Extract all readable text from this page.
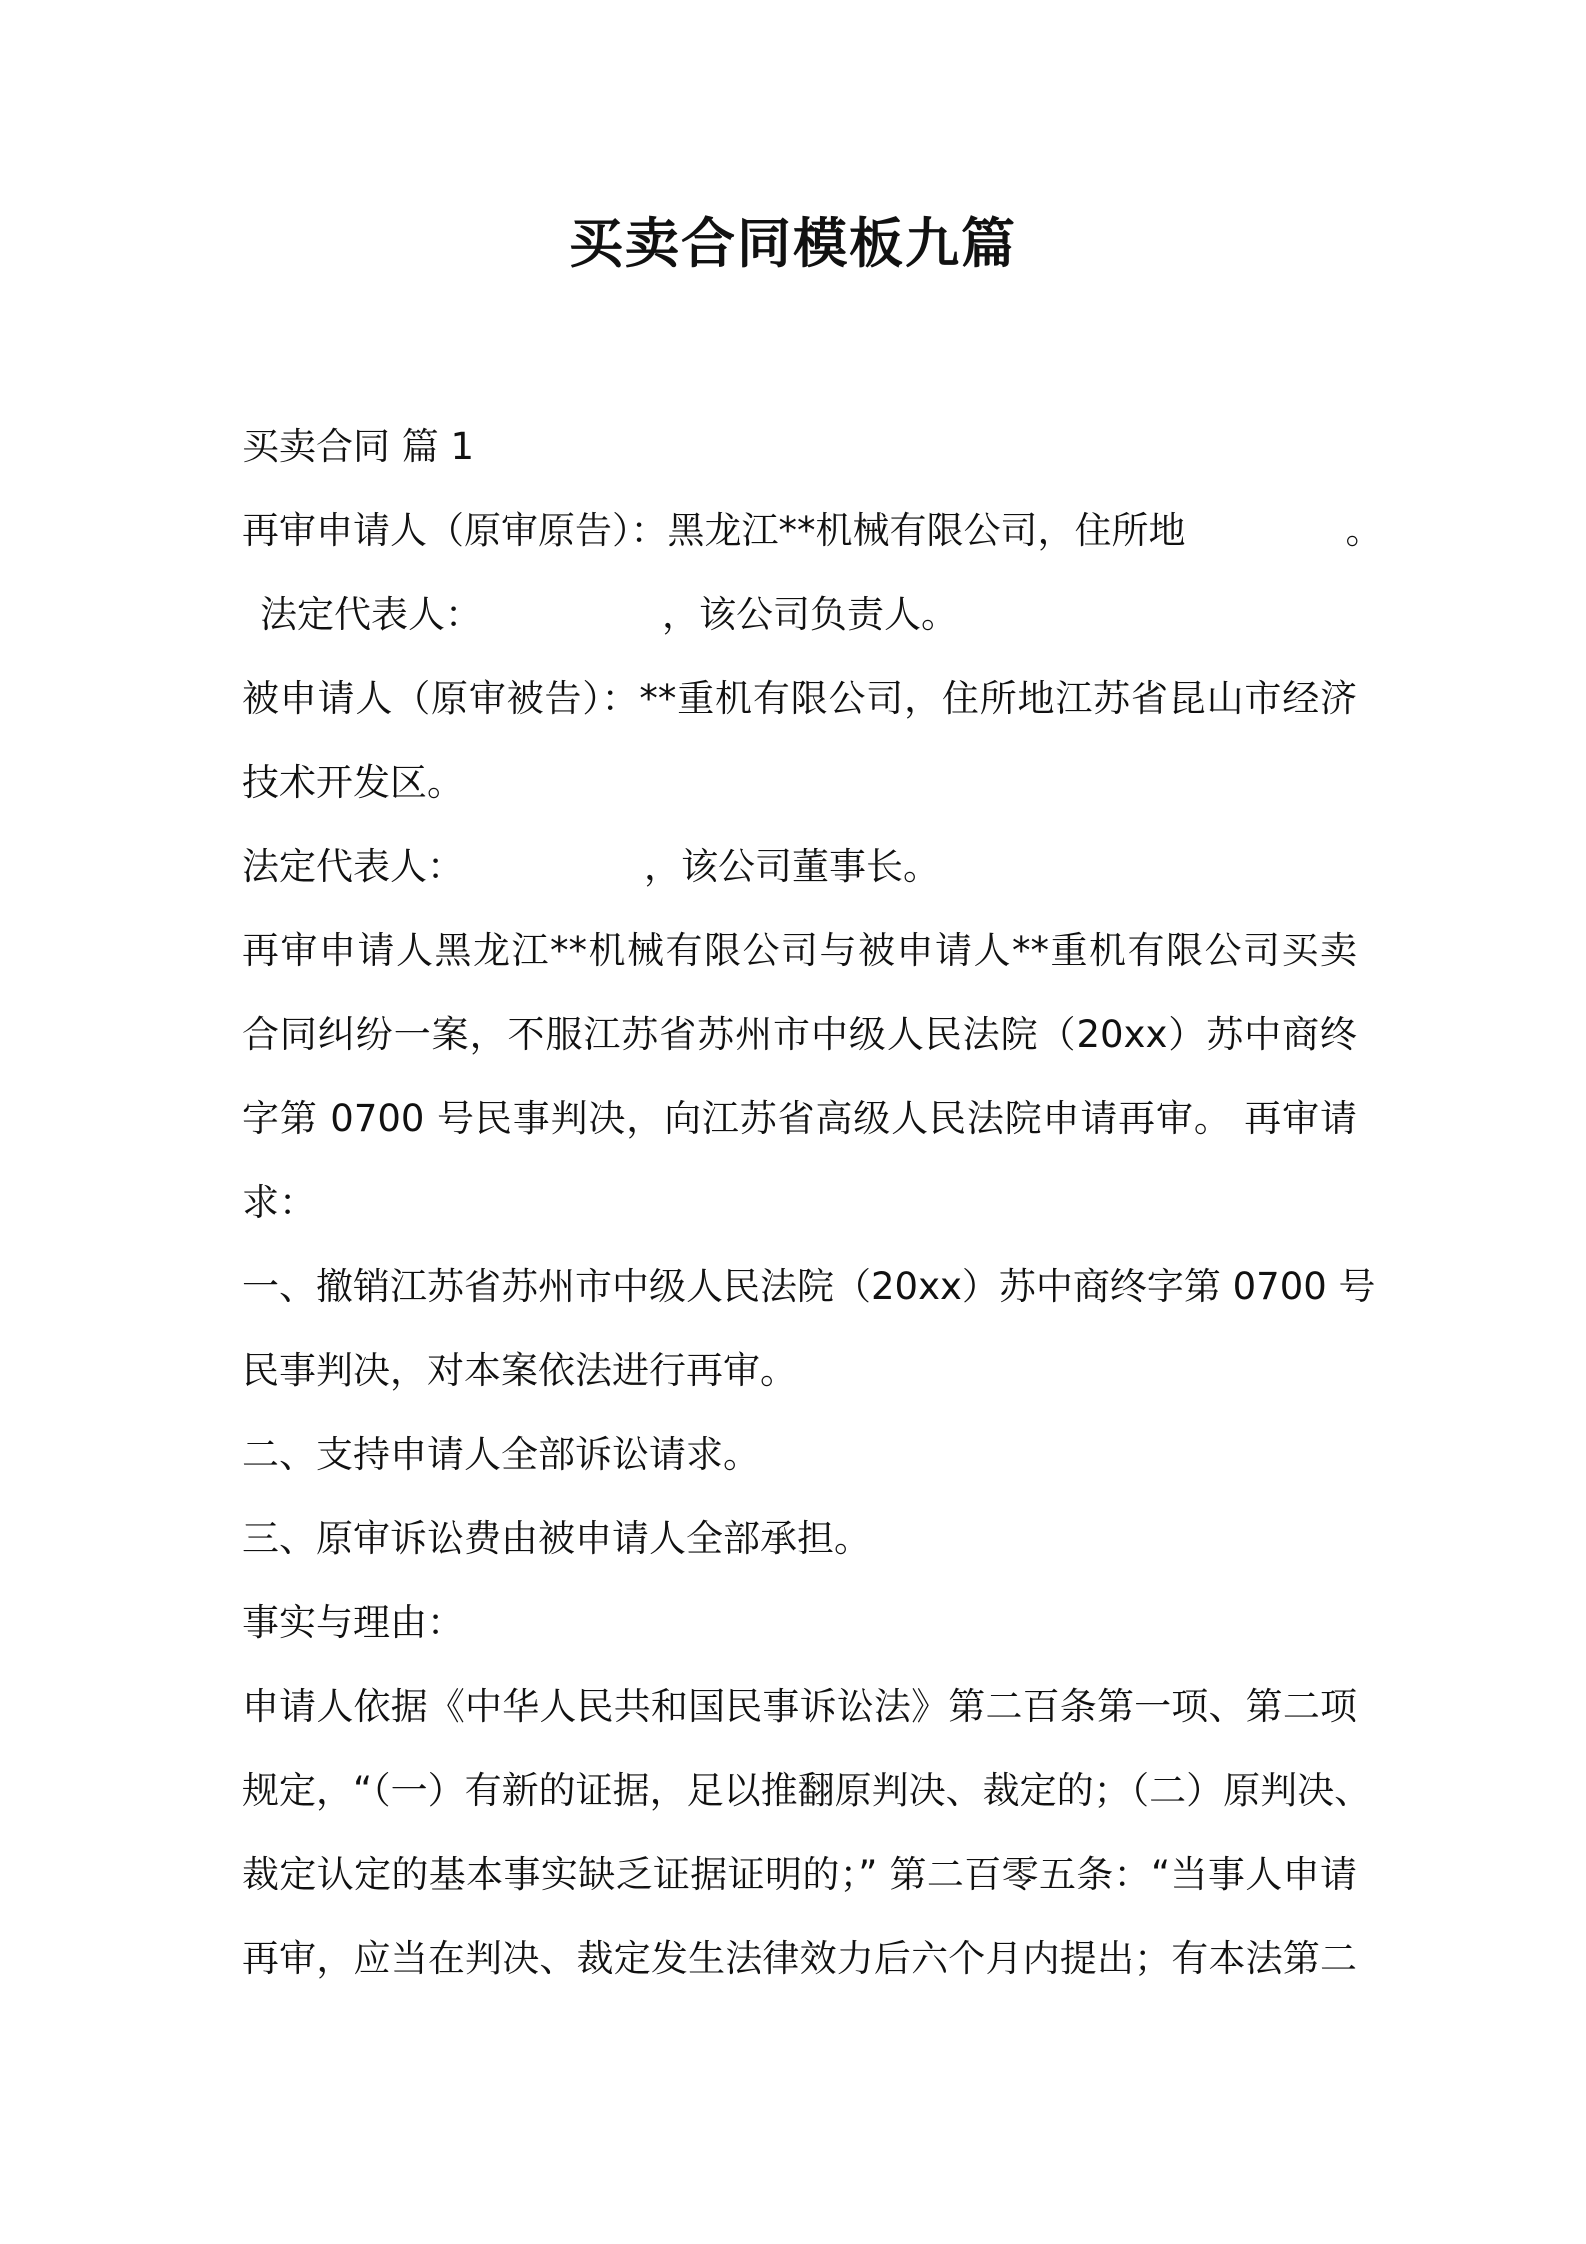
买卖合同模板九篇
买卖合同 篇 1
再审申请人（原审原告）：黑龙江**机械有限公司，住所地	。
法定代表人：	，该公司负责人。
被申请人（原审被告）：**重机有限公司，住所地江苏省昆山市经济
技术开发区。
法定代表人：	，该公司董事长。
再审申请人黑龙江**机械有限公司与被申请人**重机有限公司买卖
合同纠纷一案，不服江苏省苏州市中级人民法院（20xx）苏中商终
字第 0700 号民事判决，向江苏省高级人民法院申请再审。 再审请
求：
一、撤销江苏省苏州市中级人民法院（20xx）苏中商终字第 0700 号
民事判决，对本案依法进行再审。
二、支持申请人全部诉讼请求。
三、原审诉讼费由被申请人全部承担。
事实与理由：
申请人依据《中华人民共和国民事诉讼法》第二百条第一项、第二项
规定，“（一）有新的证据，足以推翻原判决、裁定的；（二）原判决、
裁定认定的基本事实缺乏证据证明的；” 第二百零五条：“当事人申请
再审，应当在判决、裁定发生法律效力后六个月内提出；有本法第二
